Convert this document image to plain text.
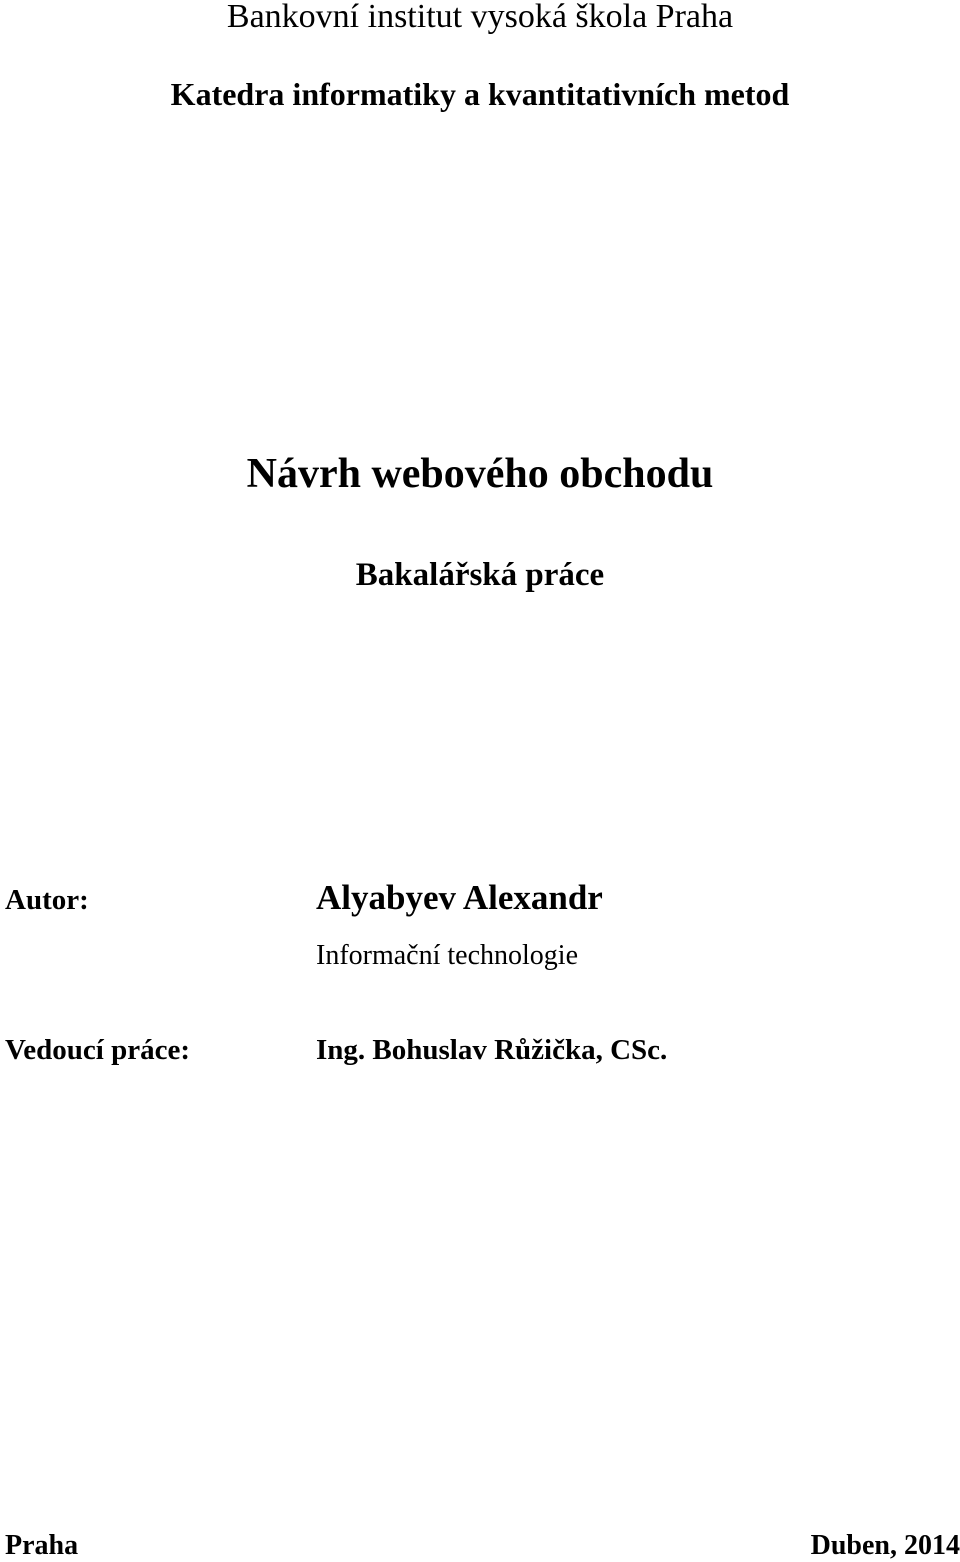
Bankovní institut vysoká škola Praha
Katedra informatiky a kvantitativních metod
Návrh webového obchodu
Bakalářská práce
Autor:	Alyabyev Alexandr
Informační technologie
Vedoucí práce:	Ing. Bohuslav Růžička, CSc.
Praha	Duben, 2014
